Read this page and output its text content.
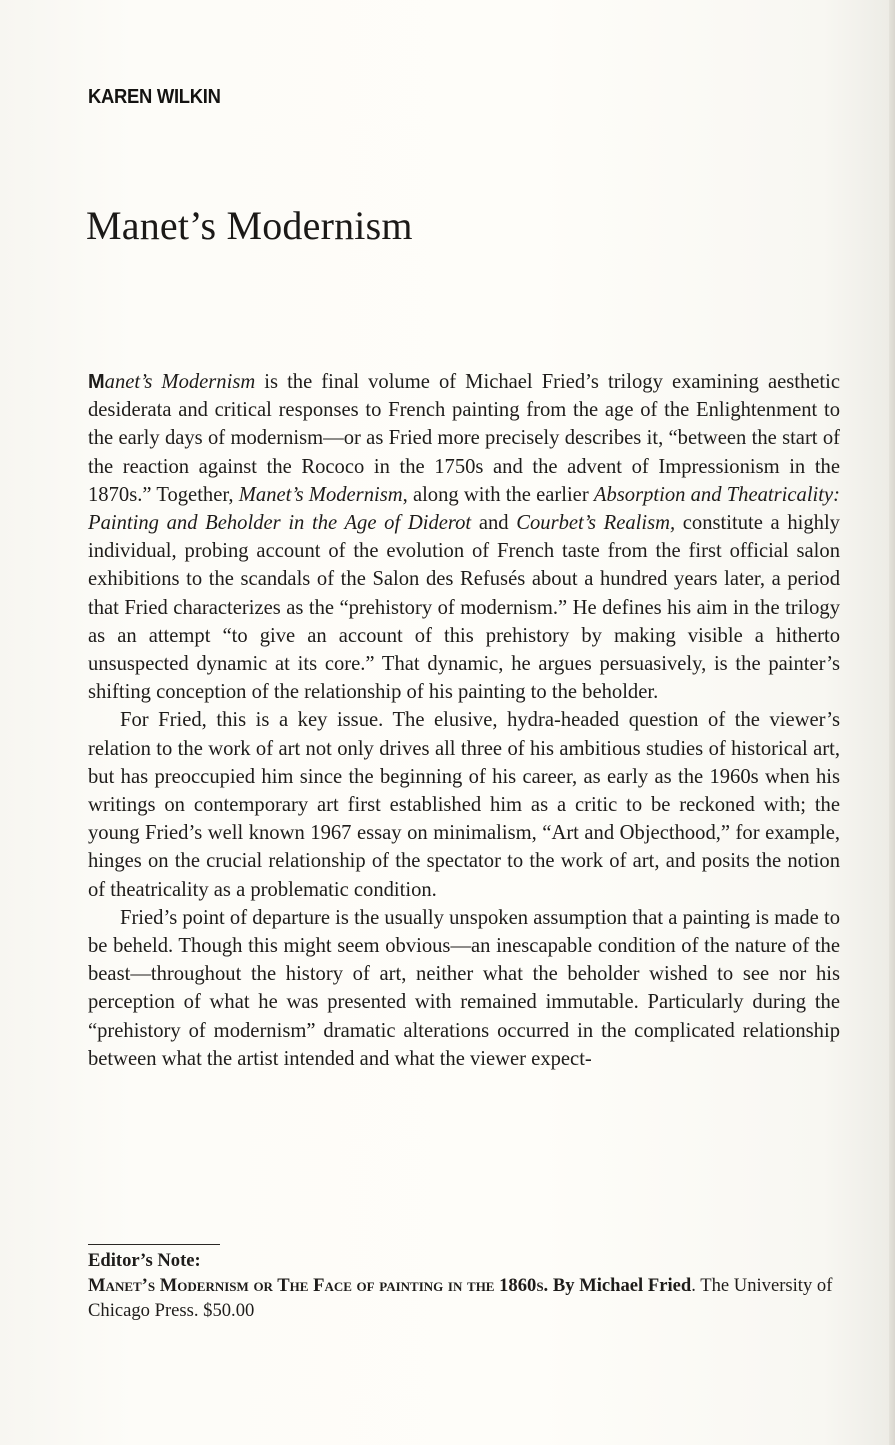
KAREN WILKIN
Manet’s Modernism

Manet’s Modernism is the final volume of Michael Fried’s trilogy examining aesthetic desiderata and critical responses to French painting from the age of the Enlightenment to the early days of modernism—or as Fried more precisely describes it, “between the start of the reaction against the Rococo in the 1750s and the advent of Impressionism in the 1870s.” Together, Manet’s Modernism, along with the earlier Absorption and Theatricality: Painting and Beholder in the Age of Diderot and Courbet’s Realism, constitute a highly individual, probing account of the evolution of French taste from the first official salon exhibitions to the scandals of the Salon des Refusés about a hundred years later, a period that Fried characterizes as the “prehistory of modernism.” He defines his aim in the trilogy as an attempt “to give an account of this prehistory by making visible a hitherto unsuspected dynamic at its core.” That dynamic, he argues persuasively, is the painter’s shifting conception of the relationship of his painting to the beholder.

For Fried, this is a key issue. The elusive, hydra-headed question of the viewer’s relation to the work of art not only drives all three of his ambitious studies of historical art, but has preoccupied him since the beginning of his career, as early as the 1960s when his writings on contemporary art first established him as a critic to be reckoned with; the young Fried’s well known 1967 essay on minimalism, “Art and Objecthood,” for example, hinges on the crucial relationship of the spectator to the work of art, and posits the notion of theatricality as a problematic condition.

Fried’s point of departure is the usually unspoken assumption that a painting is made to be beheld. Though this might seem obvious—an inescapable condition of the nature of the beast—throughout the history of art, neither what the beholder wished to see nor his perception of what he was presented with remained immutable. Particularly during the “prehistory of modernism” dramatic alterations occurred in the complicated relationship between what the artist intended and what the viewer expect-

Editor’s Note:
Manet’s Modernism or The Face of painting in the 1860s. By Michael Fried. The University of Chicago Press. $50.00
